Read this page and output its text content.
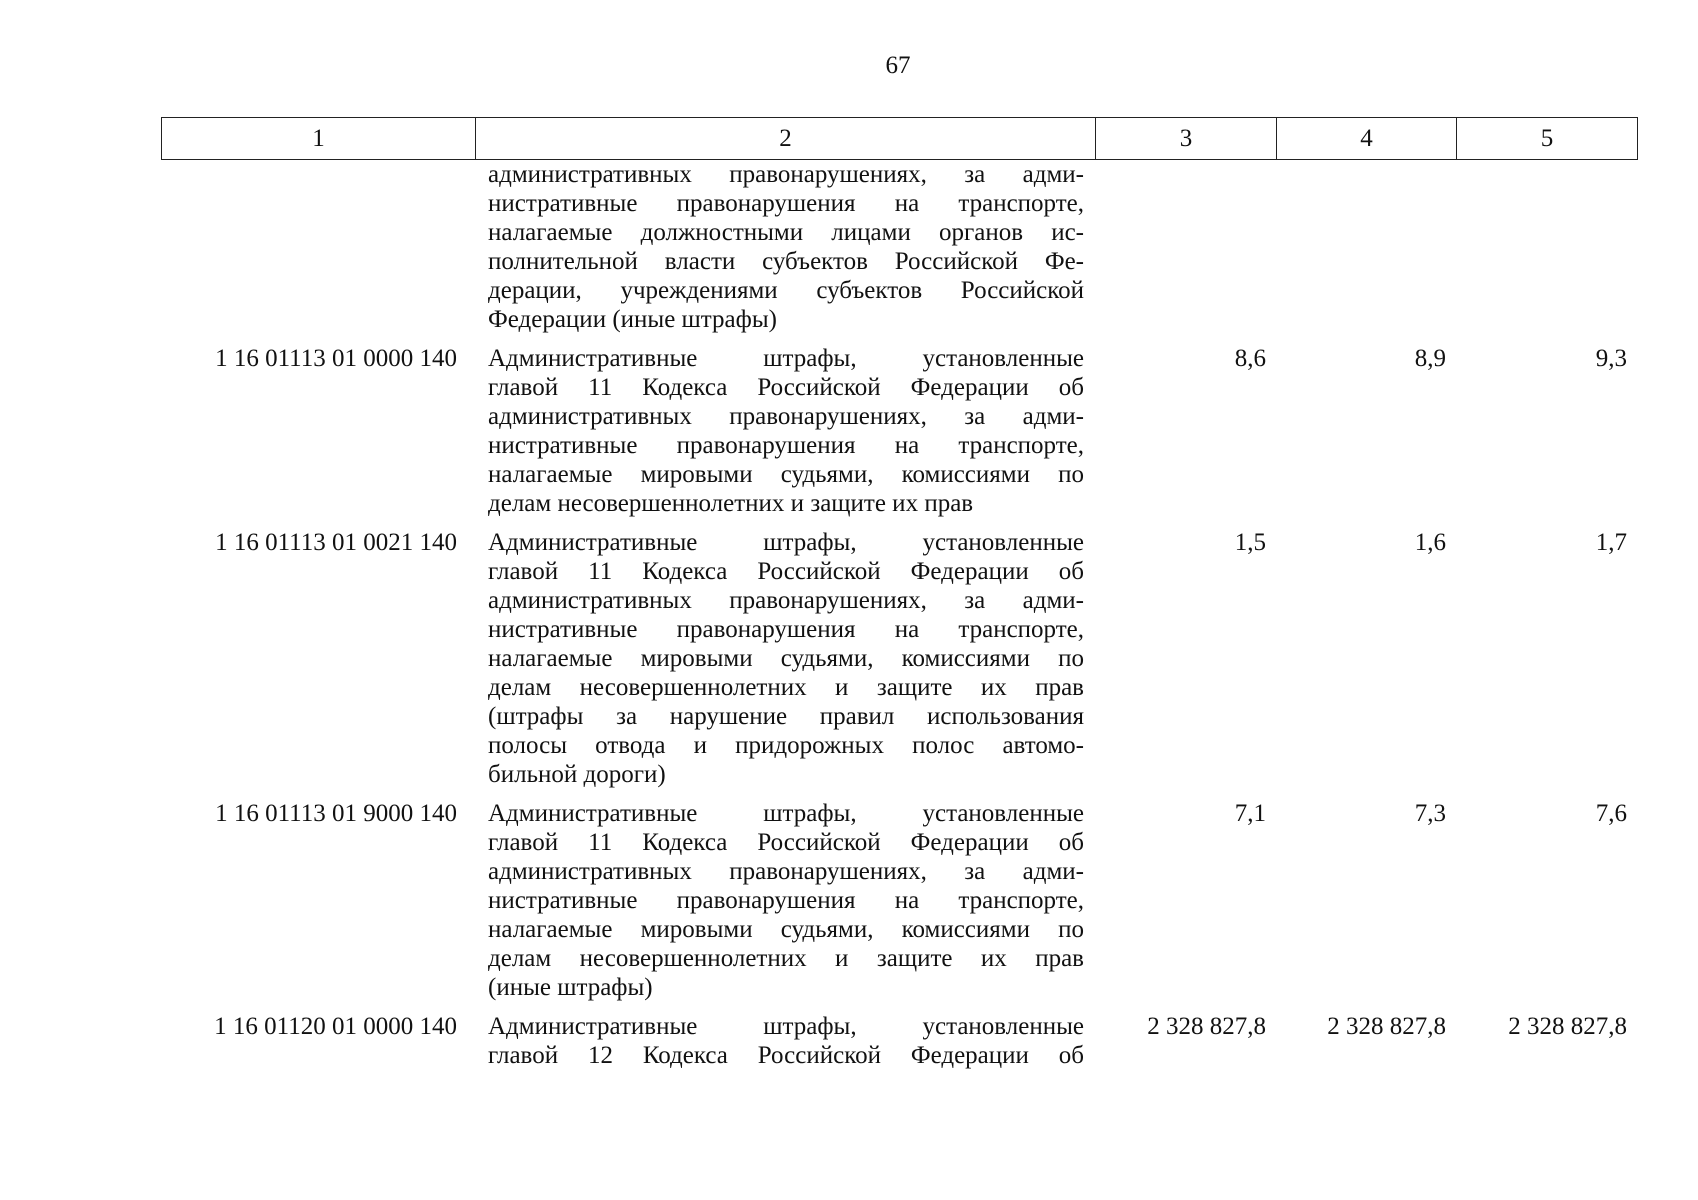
67
1	2	3	4	5
административных правонарушениях, за адми-
нистративные правонарушения на транспорте,
налагаемые должностными лицами органов ис-
полнительной власти субъектов Российской Фе-
дерации, учреждениями субъектов Российской
Федерации (иные штрафы)
1 16 01113 01 0000 140	Административные штрафы, установленные
главой 11 Кодекса Российской Федерации об
административных правонарушениях, за адми-
нистративные правонарушения на транспорте,
налагаемые мировыми судьями, комиссиями по
делам несовершеннолетних и защите их прав
8,6	8,9	9,3
1 16 01113 01 0021 140	Административные штрафы, установленные
главой 11 Кодекса Российской Федерации об
административных правонарушениях, за адми-
нистративные правонарушения на транспорте,
налагаемые мировыми судьями, комиссиями по
делам несовершеннолетних и защите их прав
(штрафы за нарушение правил использования
полосы отвода и придорожных полос автомо-
бильной дороги)
1,5	1,6	1,7
1 16 01113 01 9000 140	Административные штрафы, установленные
главой 11 Кодекса Российской Федерации об
административных правонарушениях, за адми-
нистративные правонарушения на транспорте,
налагаемые мировыми судьями, комиссиями по
делам несовершеннолетних и защите их прав
(иные штрафы)
7,1	7,3	7,6
1 16 01120 01 0000 140	Административные штрафы, установленные
главой 12 Кодекса Российской Федерации об
2 328 827,8	2 328 827,8	2 328 827,8
